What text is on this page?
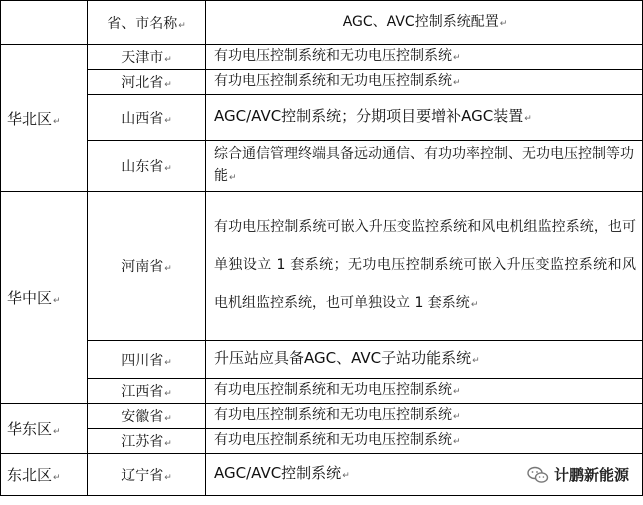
	省、市名称↵	AGC、AVC控制系统配置↵
华北区↵	天津市↵	有功电压控制系统和无功电压控制系统↵
	河北省↵	有功电压控制系统和无功电压控制系统↵
	山西省↵	AGC/AVC控制系统；分期项目要增补AGC装置↵
	山东省↵	综合通信管理终端具备远动通信、有功功率控制、无功电压控制等功能↵
华中区↵	河南省↵	有功电压控制系统可嵌入升压变监控系统和风电机组监控系统，也可单独设立 1 套系统；无功电压控制系统可嵌入升压变监控系统和风电机组监控系统，也可单独设立 1 套系统↵
	四川省↵	升压站应具备AGC、AVC子站功能系统↵
	江西省↵	有功电压控制系统和无功电压控制系统↵
华东区↵	安徽省↵	有功电压控制系统和无功电压控制系统↵
	江苏省↵	有功电压控制系统和无功电压控制系统↵
东北区↵	辽宁省↵	AGC/AVC控制系统↵	计鹏新能源
